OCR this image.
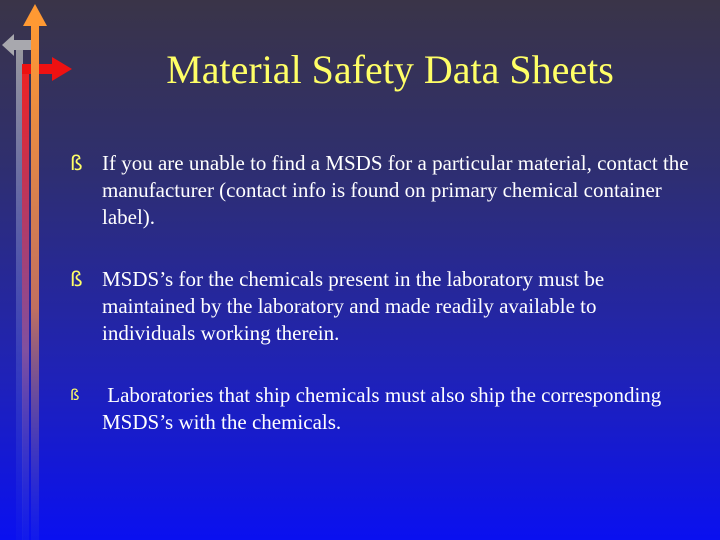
Material Safety Data Sheets
ß If you are unable to find a MSDS for a particular material, contact the manufacturer (contact info is found on primary chemical container label).
ß MSDS’s for the chemicals present in the laboratory must be maintained by the laboratory and made readily available to individuals working therein.
ß	Laboratories that ship chemicals must also ship the corresponding MSDS’s with the chemicals.
